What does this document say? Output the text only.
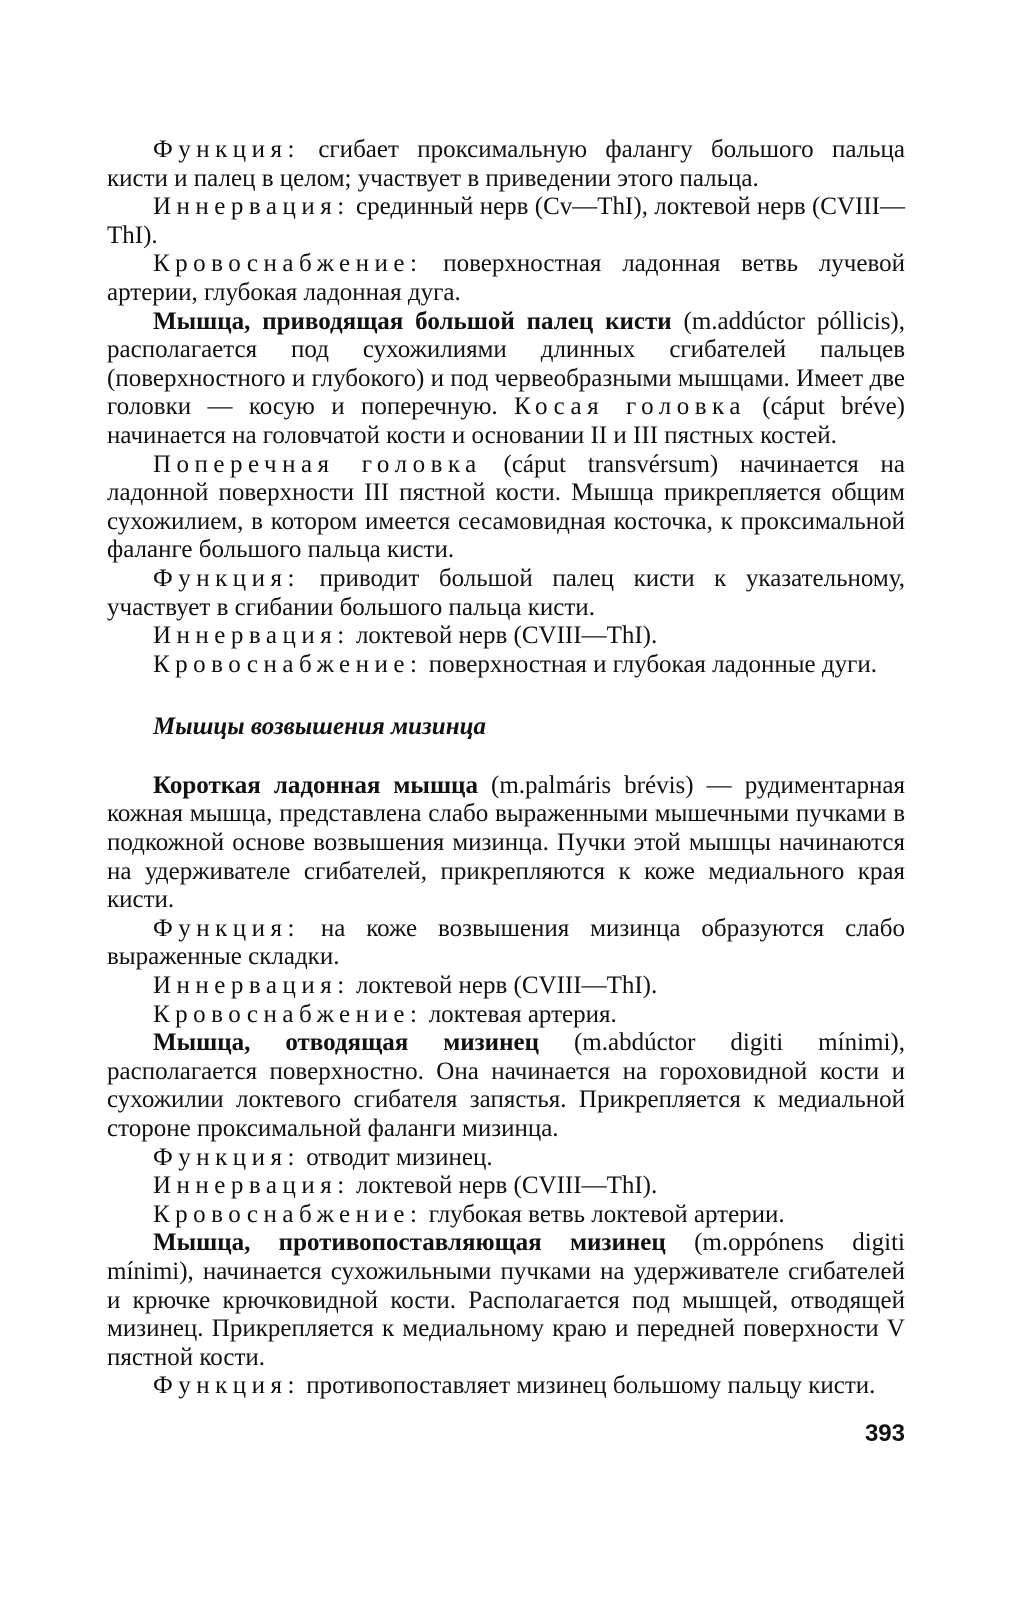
Функция: сгибает проксимальную фалангу большого пальца кисти и палец в целом; участвует в приведении этого пальца.

Иннервация: срединный нерв (Cv—ThI), локтевой нерв (CVIII—ThI).

Кровоснабжение: поверхностная ладонная ветвь лучевой артерии, глубокая ладонная дуга.

Мышца, приводящая большой палец кисти (m.addúctor póllicis), располагается под сухожилиями длинных сгибателей пальцев (поверхностного и глубокого) и под червеобразными мышцами. Имеет две головки — косую и поперечную. Косая головка (cáput bréve) начинается на головчатой кости и основании II и III пястных костей.

Поперечная головка (cáput transvérsum) начинается на ладонной поверхности III пястной кости. Мышца прикрепляется общим сухожилием, в котором имеется сесамовидная косточка, к проксимальной фаланге большого пальца кисти.

Функция: приводит большой палец кисти к указательному, участвует в сгибании большого пальца кисти.

Иннервация: локтевой нерв (CVIII—ThI).

Кровоснабжение: поверхностная и глубокая ладонные дуги.

Мышцы возвышения мизинца

Короткая ладонная мышца (m.palmáris brévis) — рудиментарная кожная мышца, представлена слабо выраженными мышечными пучками в подкожной основе возвышения мизинца. Пучки этой мышцы начинаются на удерживателе сгибателей, прикрепляются к коже медиального края кисти.

Функция: на коже возвышения мизинца образуются слабо выраженные складки.

Иннервация: локтевой нерв (CVIII—ThI).

Кровоснабжение: локтевая артерия.

Мышца, отводящая мизинец (m.abdúctor digiti mínimi), располагается поверхностно. Она начинается на гороховидной кости и сухожилии локтевого сгибателя запястья. Прикрепляется к медиальной стороне проксимальной фаланги мизинца.

Функция: отводит мизинец.

Иннервация: локтевой нерв (CVIII—ThI).

Кровоснабжение: глубокая ветвь локтевой артерии.

Мышца, противопоставляющая мизинец (m.oppónens digiti mínimi), начинается сухожильными пучками на удерживателе сгибателей и крючке крючковидной кости. Располагается под мышцей, отводящей мизинец. Прикрепляется к медиальному краю и передней поверхности V пястной кости.

Функция: противопоставляет мизинец большому пальцу кисти.

393
